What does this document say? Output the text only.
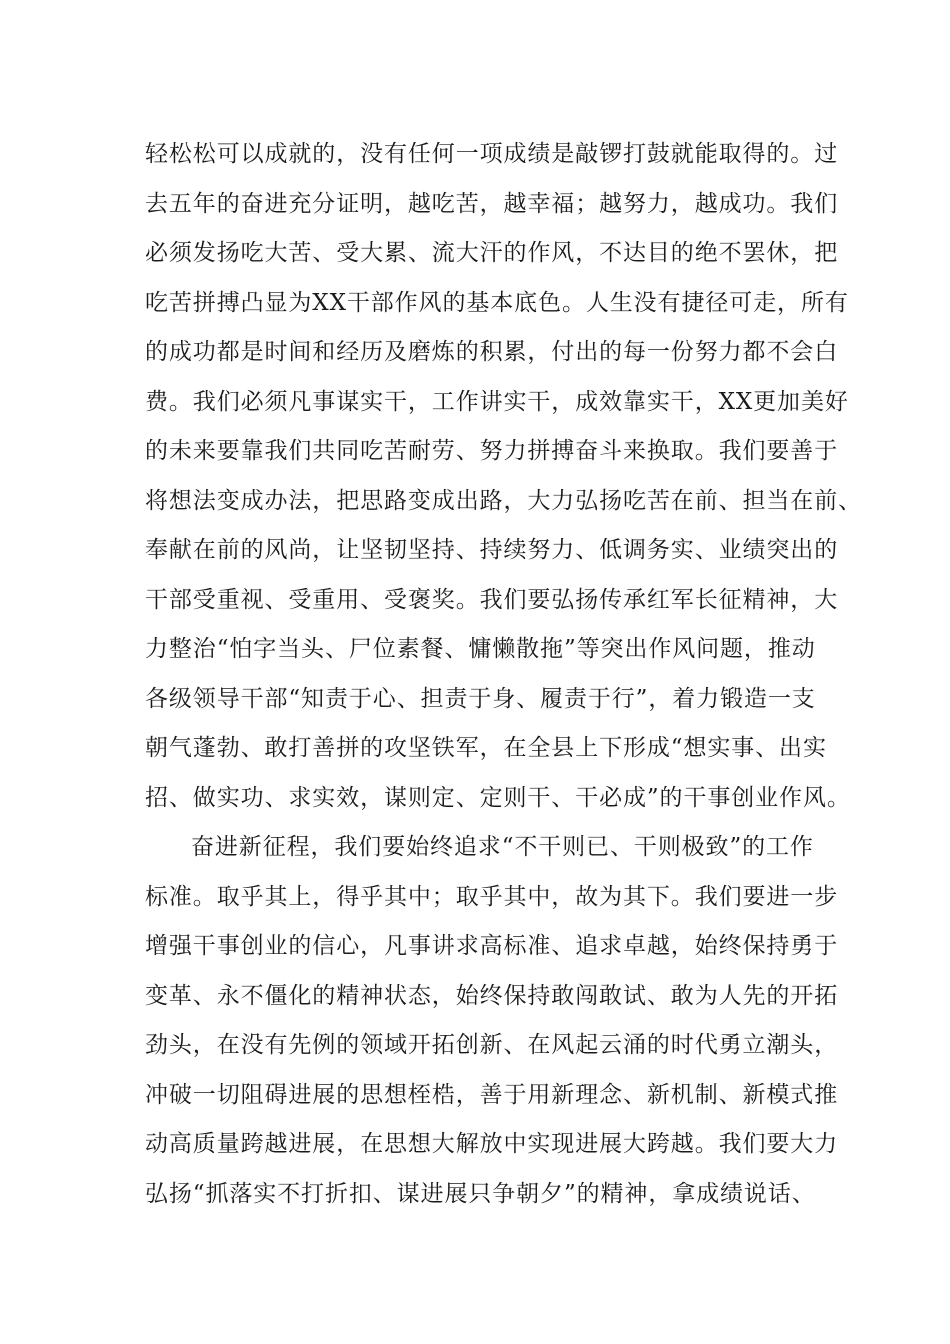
轻松松可以成就的，没有任何一项成绩是敲锣打鼓就能取得的。过
去五年的奋进充分证明，越吃苦，越幸福；越努力，越成功。我们
必须发扬吃大苦、受大累、流大汗的作风，不达目的绝不罢休，把
吃苦拼搏凸显为XX干部作风的基本底色。人生没有捷径可走，所有
的成功都是时间和经历及磨炼的积累，付出的每一份努力都不会白
费。我们必须凡事谋实干，工作讲实干，成效靠实干，XX更加美好
的未来要靠我们共同吃苦耐劳、努力拼搏奋斗来换取。我们要善于
将想法变成办法，把思路变成出路，大力弘扬吃苦在前、担当在前、
奉献在前的风尚，让坚韧坚持、持续努力、低调务实、业绩突出的
干部受重视、受重用、受褒奖。我们要弘扬传承红军长征精神，大
力整治“怕字当头、尸位素餐、慵懒散拖”等突出作风问题，推动
各级领导干部“知责于心、担责于身、履责于行”，着力锻造一支
朝气蓬勃、敢打善拼的攻坚铁军，在全县上下形成“想实事、出实
招、做实功、求实效，谋则定、定则干、干必成”的干事创业作风。
奋进新征程，我们要始终追求“不干则已、干则极致”的工作
标准。取乎其上，得乎其中；取乎其中，故为其下。我们要进一步
增强干事创业的信心，凡事讲求高标准、追求卓越，始终保持勇于
变革、永不僵化的精神状态，始终保持敢闯敢试、敢为人先的开拓
劲头，在没有先例的领域开拓创新、在风起云涌的时代勇立潮头，
冲破一切阻碍进展的思想桎梏，善于用新理念、新机制、新模式推
动高质量跨越进展，在思想大解放中实现进展大跨越。我们要大力
弘扬“抓落实不打折扣、谋进展只争朝夕”的精神，拿成绩说话、
